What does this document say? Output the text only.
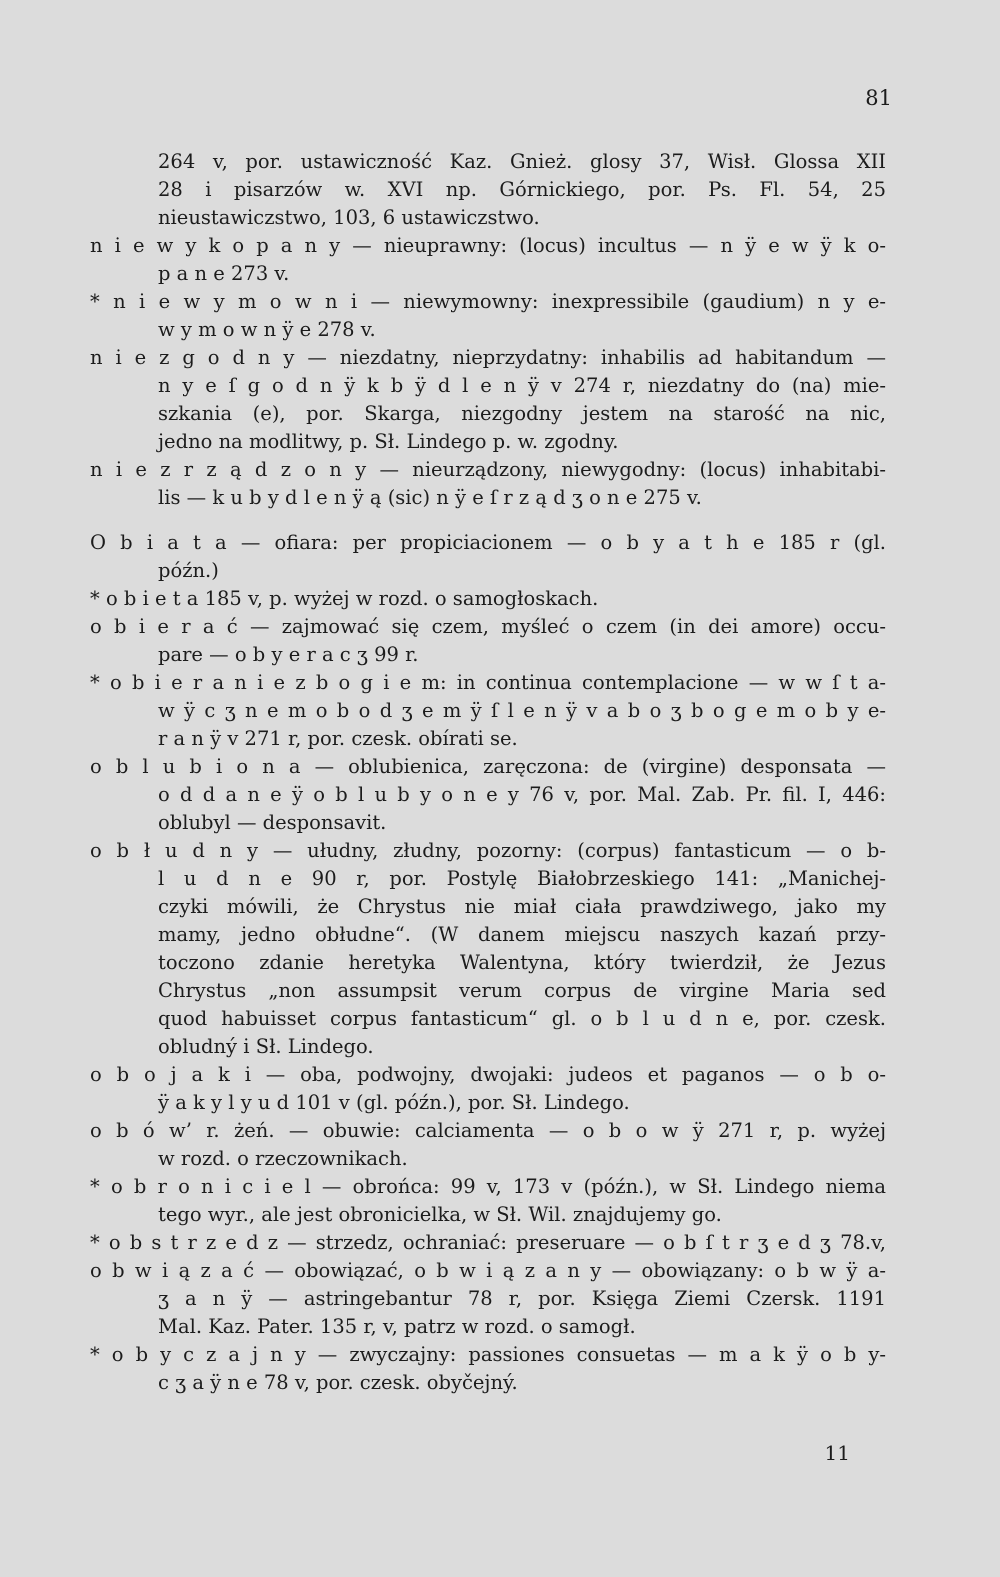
81
264 v, por. ustawiczność Kaz. Gnież. glosy 37, Wisł. Glossa XII
28 i pisarzów w. XVI np. Górnickiego, por. Ps. Fl. 54, 25
nieustawiczstwo, 103, 6 ustawiczstwo.
n i e w y k o p a n y — nieuprawny: (locus) incultus — n ÿ e w ÿ k o-
p a n e 273 v.
* n i e w y m o w n i — niewymowny: inexpressibile (gaudium) n y e-
w y m o w n ÿ e 278 v.
n i e z g o d n y — niezdatny, nieprzydatny: inhabilis ad habitandum —
n y e ſ g o d n ÿ k b ÿ d l e n ÿ v 274 r, niezdatny do (na) mie-
szkania (e), por. Skarga, niezgodny jestem na starość na nic,
jedno na modlitwy, p. Sł. Lindego p. w. zgodny.
n i e z r z ą d z o n y — nieurządzony, niewygodny: (locus) inhabitabi-
lis — k u b y d l e n ÿ ą (sic) n ÿ e ſ r z ą d ʒ o n e 275 v.
O b i a t a — ofiara: per propiciacionem — o b y a t h e 185 r (gl.
późn.)
* o b i e t a 185 v, p. wyżej w rozd. o samogłoskach.
o b i e r a ć — zajmować się czem, myśleć o czem (in dei amore) occu-
pare — o b y e r a c ʒ 99 r.
* o b i e r a n i e z b o g i e m: in continua contemplacione — w w ſ t a-
w ÿ c ʒ n e m o b o d ʒ e m ÿ ſ l e n ÿ v a b o ʒ b o g e m o b y e-
r a n ÿ v 271 r, por. czesk. obírati se.
o b l u b i o n a — oblubienica, zaręczona: de (virgine) desponsata —
o d d a n e ÿ o b l u b y o n e y 76 v, por. Mal. Zab. Pr. fil. I, 446:
oblubyl — desponsavit.
o b ł u d n y — ułudny, złudny, pozorny: (corpus) fantasticum — o b-
l u d n e 90 r, por. Postylę Białobrzeskiego 141: „Manichej-
czyki mówili, że Chrystus nie miał ciała prawdziwego, jako my
mamy, jedno obłudne“. (W danem miejscu naszych kazań przy-
toczono zdanie heretyka Walentyna, który twierdził, że Jezus
Chrystus „non assumpsit verum corpus de virgine Maria sed
quod habuisset corpus fantasticum“ gl. o b l u d n e, por. czesk.
obludný i Sł. Lindego.
o b o j a k i — oba, podwojny, dwojaki: judeos et paganos — o b o-
ÿ a k y l y u d 101 v (gl. późn.), por. Sł. Lindego.
o b ó w’ r. żeń. — obuwie: calciamenta — o b o w ÿ 271 r, p. wyżej
w rozd. o rzeczownikach.
* o b r o n i c i e l — obrońca: 99 v, 173 v (późn.), w Sł. Lindego niema
tego wyr., ale jest obronicielka, w Sł. Wil. znajdujemy go.
* o b s t r z e d z — strzedz, ochraniać: preseruare — o b ſ t r ʒ e d ʒ 78.v,
o b w i ą z a ć — obowiązać, o b w i ą z a n y — obowiązany: o b w ÿ a-
ʒ a n ÿ — astringebantur 78 r, por. Księga Ziemi Czersk. 1191
Mal. Kaz. Pater. 135 r, v, patrz w rozd. o samogł.
* o b y c z a j n y — zwyczajny: passiones consuetas — m a k ÿ o b y-
c ʒ a ÿ n e 78 v, por. czesk. obyčejný.
11
